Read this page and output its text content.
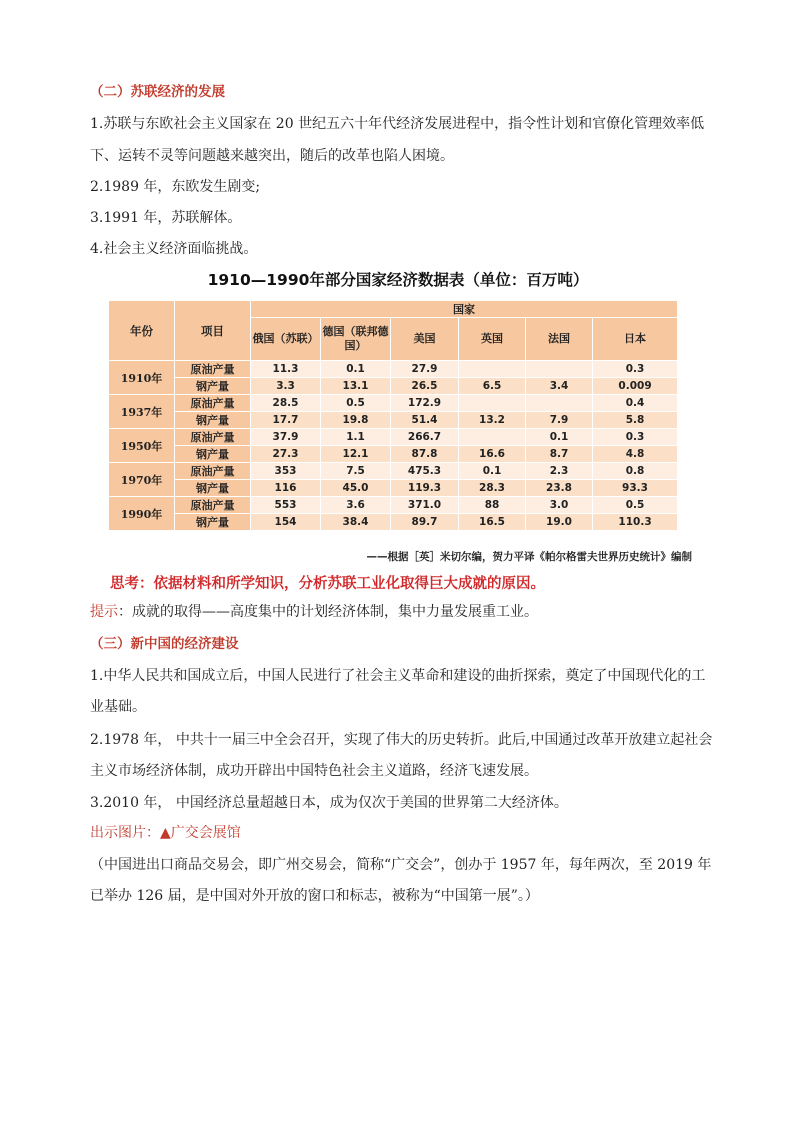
（二）苏联经济的发展
1.苏联与东欧社会主义国家在 20 世纪五六十年代经济发展进程中，指令性计划和官僚化管理效率低
下、运转不灵等问题越来越突出，随后的改革也陷人困境。
2.1989 年，东欧发生剧变;
3.1991 年，苏联解体。
4.社会主义经济面临挑战。
1910—1990年部分国家经济数据表（单位：百万吨）
年份	项目	国家					
		俄国（苏联）	德国（联邦德国）	美国	英国	法国	日本
1910年	原油产量	11.3	0.1	27.9			0.3
	钢产量	3.3	13.1	26.5	6.5	3.4	0.009
1937年	原油产量	28.5	0.5	172.9			0.4
	钢产量	17.7	19.8	51.4	13.2	7.9	5.8
1950年	原油产量	37.9	1.1	266.7		0.1	0.3
	钢产量	27.3	12.1	87.8	16.6	8.7	4.8
1970年	原油产量	353	7.5	475.3	0.1	2.3	0.8
	钢产量	116	45.0	119.3	28.3	23.8	93.3
1990年	原油产量	553	3.6	371.0	88	3.0	0.5
	钢产量	154	38.4	89.7	16.5	19.0	110.3
——根据［英］米切尔编，贺力平译《帕尔格雷夫世界历史统计》编制
思考：依据材料和所学知识，分析苏联工业化取得巨大成就的原因。
提示：成就的取得——高度集中的计划经济体制，集中力量发展重工业。
（三）新中国的经济建设
1.中华人民共和国成立后，中国人民进行了社会主义革命和建设的曲折探索，奠定了中国现代化的工
业基础。
2.1978 年， 中共十一届三中全会召开，实现了伟大的历史转折。此后,中国通过改革开放建立起社会
主义市场经济体制，成功开辟出中国特色社会主义道路，经济飞速发展。
3.2010 年， 中国经济总量超越日本，成为仅次于美国的世界第二大经济体。
出示图片：▲广交会展馆
（中国进出口商品交易会，即广州交易会，简称“广交会”，创办于 1957 年，每年两次，至 2019 年
已举办 126 届，是中国对外开放的窗口和标志，被称为“中国第一展”。）
